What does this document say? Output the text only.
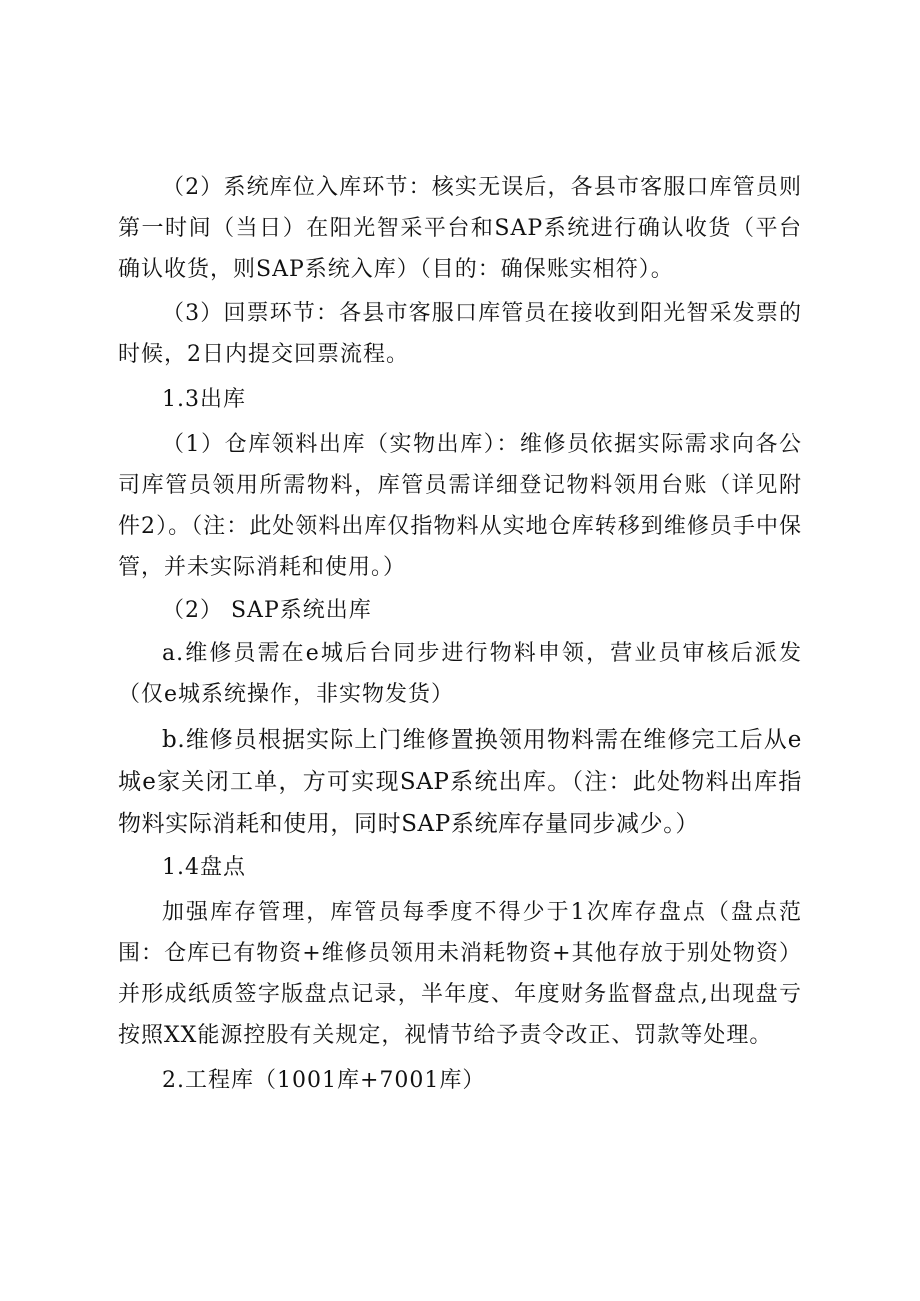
（2）系统库位入库环节：核实无误后，各县市客服口库管员则第一时间（当日）在阳光智采平台和SAP系统进行确认收货（平台确认收货，则SAP系统入库）（目的：确保账实相符）。

（3）回票环节：各县市客服口库管员在接收到阳光智采发票的时候，2日内提交回票流程。

1.3出库

（1）仓库领料出库（实物出库）：维修员依据实际需求向各公司库管员领用所需物料，库管员需详细登记物料领用台账（详见附件2）。（注：此处领料出库仅指物料从实地仓库转移到维修员手中保管，并未实际消耗和使用。）

（2） SAP系统出库

a.维修员需在e城后台同步进行物料申领，营业员审核后派发（仅e城系统操作，非实物发货）

b.维修员根据实际上门维修置换领用物料需在维修完工后从e城e家关闭工单，方可实现SAP系统出库。（注：此处物料出库指物料实际消耗和使用，同时SAP系统库存量同步减少。）

1.4盘点

加强库存管理，库管员每季度不得少于1次库存盘点（盘点范围：仓库已有物资+维修员领用未消耗物资+其他存放于别处物资）并形成纸质签字版盘点记录，半年度、年度财务监督盘点,出现盘亏按照XX能源控股有关规定，视情节给予责令改正、罚款等处理。

2.工程库（1001库+7001库）
